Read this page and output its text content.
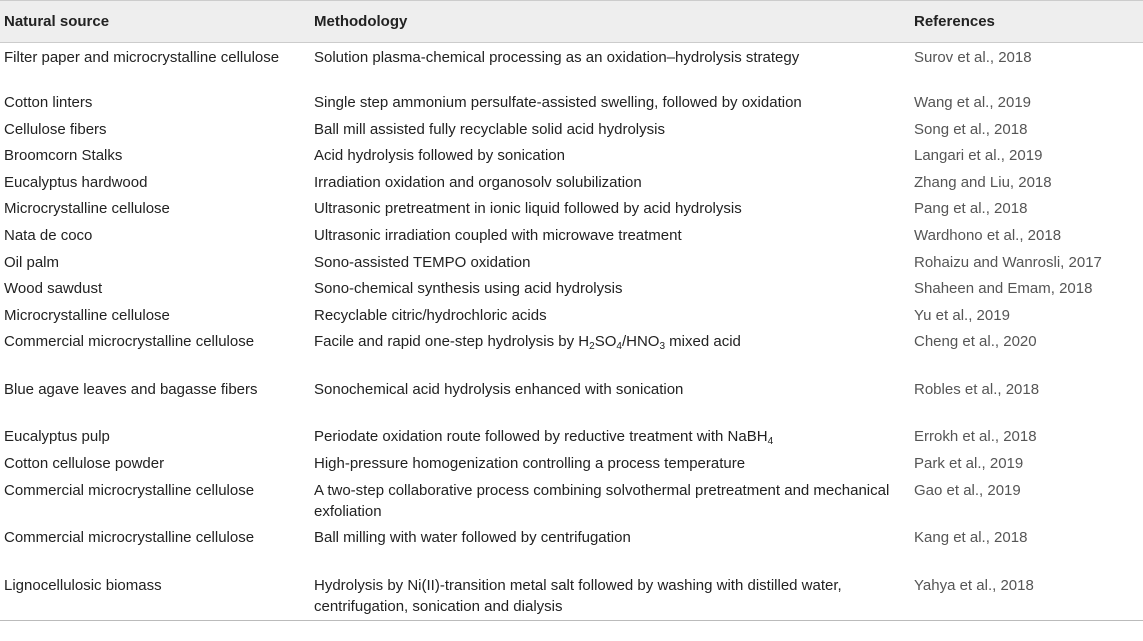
Natural source	Methodology	References
Filter paper and microcrystalline cellulose	Solution plasma-chemical processing as an oxidation–hydrolysis strategy	Surov et al., 2018
Cotton linters	Single step ammonium persulfate-assisted swelling, followed by oxidation	Wang et al., 2019
Cellulose fibers	Ball mill assisted fully recyclable solid acid hydrolysis	Song et al., 2018
Broomcorn Stalks	Acid hydrolysis followed by sonication	Langari et al., 2019
Eucalyptus hardwood	Irradiation oxidation and organosolv solubilization	Zhang and Liu, 2018
Microcrystalline cellulose	Ultrasonic pretreatment in ionic liquid followed by acid hydrolysis	Pang et al., 2018
Nata de coco	Ultrasonic irradiation coupled with microwave treatment	Wardhono et al., 2018
Oil palm	Sono-assisted TEMPO oxidation	Rohaizu and Wanrosli, 2017
Wood sawdust	Sono-chemical synthesis using acid hydrolysis	Shaheen and Emam, 2018
Microcrystalline cellulose	Recyclable citric/hydrochloric acids	Yu et al., 2019
Commercial microcrystalline cellulose	Facile and rapid one-step hydrolysis by $H_2SO_4/HNO_3$ mixed acid	Cheng et al., 2020
Blue agave leaves and bagasse fibers	Sonochemical acid hydrolysis enhanced with sonication	Robles et al., 2018
Eucalyptus pulp	Periodate oxidation route followed by reductive treatment with NaBH$_4$	Errokh et al., 2018
Cotton cellulose powder	High-pressure homogenization controlling a process temperature	Park et al., 2019
Commercial microcrystalline cellulose	A two-step collaborative process combining solvothermal pretreatment and mechanical exfoliation	Gao et al., 2019
Commercial microcrystalline cellulose	Ball milling with water followed by centrifugation	Kang et al., 2018
Lignocellulosic biomass	Hydrolysis by Ni(II)-transition metal salt followed by washing with distilled water, centrifugation, sonication and dialysis	Yahya et al., 2018
